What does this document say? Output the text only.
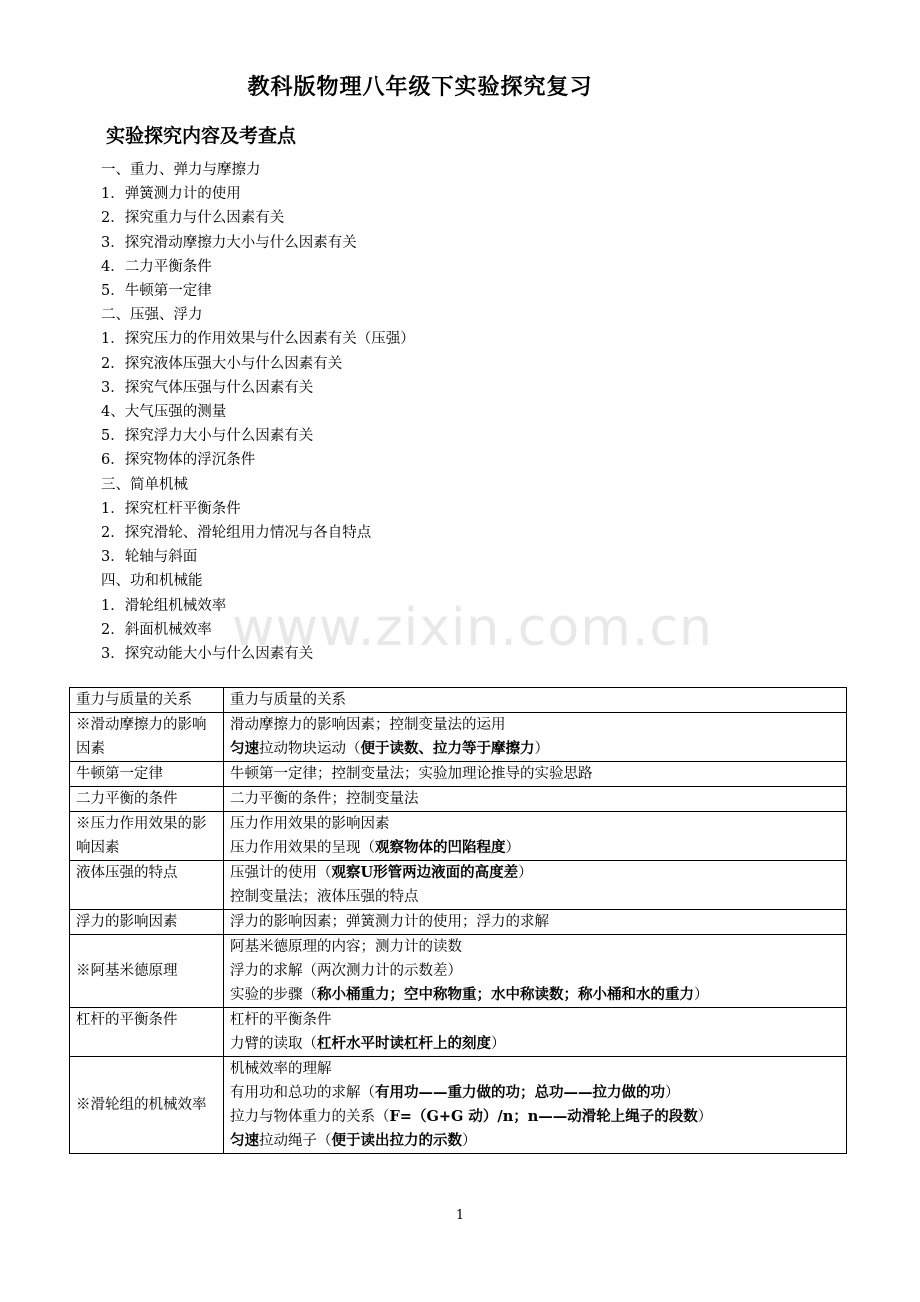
教科版物理八年级下实验探究复习
实验探究内容及考查点
一、重力、弹力与摩擦力
1．弹簧测力计的使用
2．探究重力与什么因素有关
3．探究滑动摩擦力大小与什么因素有关
4．二力平衡条件
5．牛顿第一定律
二、压强、浮力
1．探究压力的作用效果与什么因素有关（压强）
2．探究液体压强大小与什么因素有关
3．探究气体压强与什么因素有关
4、大气压强的测量
5．探究浮力大小与什么因素有关
6．探究物体的浮沉条件
三、简单机械
1．探究杠杆平衡条件
2．探究滑轮、滑轮组用力情况与各自特点
3．轮轴与斜面
四、功和机械能
1．滑轮组机械效率
2．斜面机械效率
3．探究动能大小与什么因素有关
www.zixin.com.cn
重力与质量的关系	重力与质量的关系

※滑动摩擦力的影响因素	滑动摩擦力的影响因素；控制变量法的运用
匀速拉动物块运动（便于读数、拉力等于摩擦力）

牛顿第一定律	牛顿第一定律；控制变量法；实验加理论推导的实验思路

二力平衡的条件	二力平衡的条件；控制变量法

※压力作用效果的影响因素	压力作用效果的影响因素
压力作用效果的呈现（观察物体的凹陷程度）

液体压强的特点	压强计的使用（观察U形管两边液面的高度差）
控制变量法；液体压强的特点

浮力的影响因素	浮力的影响因素；弹簧测力计的使用；浮力的求解

※阿基米德原理	阿基米德原理的内容；测力计的读数
浮力的求解（两次测力计的示数差）
实验的步骤（称小桶重力；空中称物重；水中称读数；称小桶和水的重力）

杠杆的平衡条件	杠杆的平衡条件
力臂的读取（杠杆水平时读杠杆上的刻度）

※滑轮组的机械效率	机械效率的理解
有用功和总功的求解（有用功——重力做的功；总功——拉力做的功）
拉力与物体重力的关系（F=（G+G 动）/n；n——动滑轮上绳子的段数）
匀速拉动绳子（便于读出拉力的示数）
1
